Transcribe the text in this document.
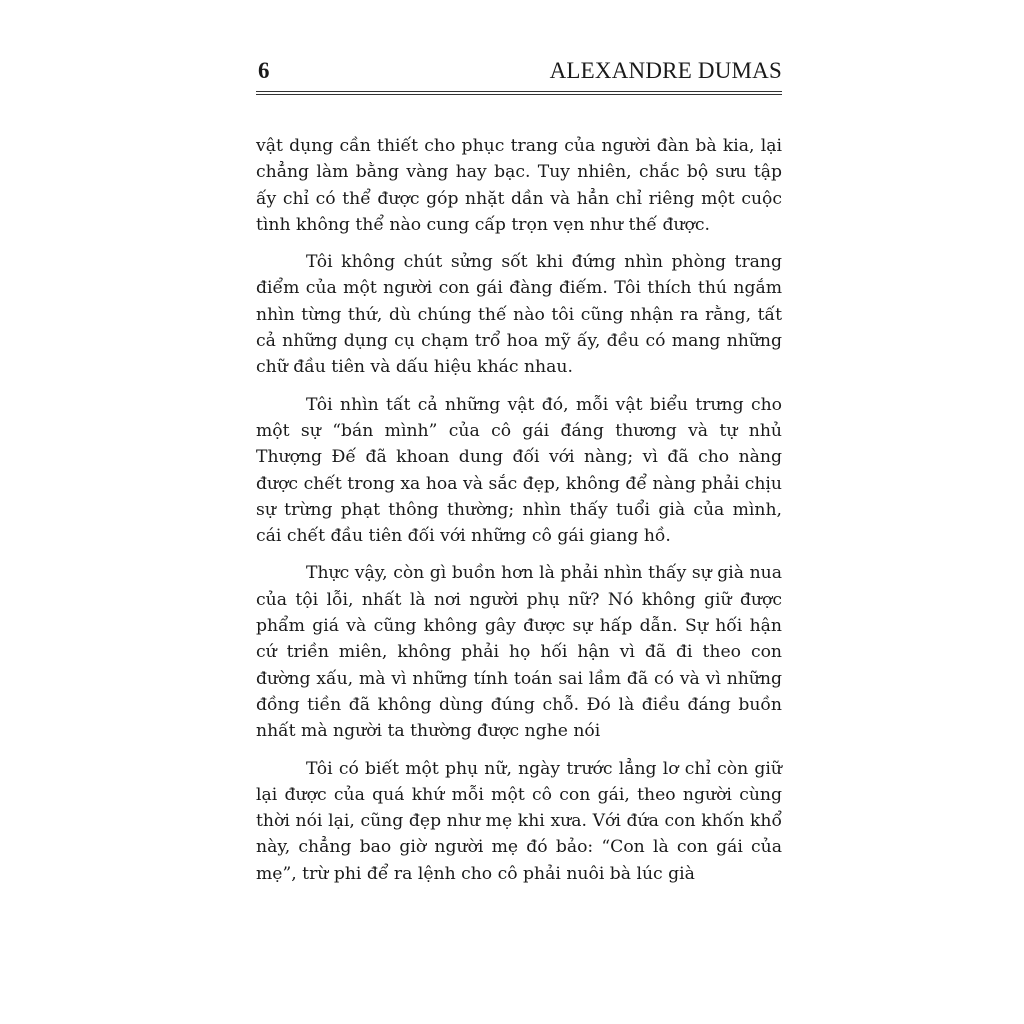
6	ALEXANDRE DUMAS

vật dụng cần thiết cho phục trang của người đàn bà kia, lại chẳng làm bằng vàng hay bạc. Tuy nhiên, chắc bộ sưu tập ấy chỉ có thể được góp nhặt dần và hẳn chỉ riêng một cuộc tình không thể nào cung cấp trọn vẹn như thế được.

Tôi không chút sửng sốt khi đứng nhìn phòng trang điểm của một người con gái đàng điếm. Tôi thích thú ngắm nhìn từng thứ, dù chúng thế nào tôi cũng nhận ra rằng, tất cả những dụng cụ chạm trổ hoa mỹ ấy, đều có mang những chữ đầu tiên và dấu hiệu khác nhau.

Tôi nhìn tất cả những vật đó, mỗi vật biểu trưng cho một sự “bán mình” của cô gái đáng thương và tự nhủ Thượng Đế đã khoan dung đối với nàng; vì đã cho nàng được chết trong xa hoa và sắc đẹp, không để nàng phải chịu sự trừng phạt thông thường; nhìn thấy tuổi già của mình, cái chết đầu tiên đối với những cô gái giang hồ.

Thực vậy, còn gì buồn hơn là phải nhìn thấy sự già nua của tội lỗi, nhất là nơi người phụ nữ? Nó không giữ được phẩm giá và cũng không gây được sự hấp dẫn. Sự hối hận cứ triền miên, không phải họ hối hận vì đã đi theo con đường xấu, mà vì những tính toán sai lầm đã có và vì những đồng tiền đã không dùng đúng chỗ. Đó là điều đáng buồn nhất mà người ta thường được nghe nói

Tôi có biết một phụ nữ, ngày trước lẳng lơ chỉ còn giữ lại được của quá khứ mỗi một cô con gái, theo người cùng thời nói lại, cũng đẹp như mẹ khi xưa. Với đứa con khốn khổ này, chẳng bao giờ người mẹ đó bảo: “Con là con gái của mẹ”, trừ phi để ra lệnh cho cô phải nuôi bà lúc già
